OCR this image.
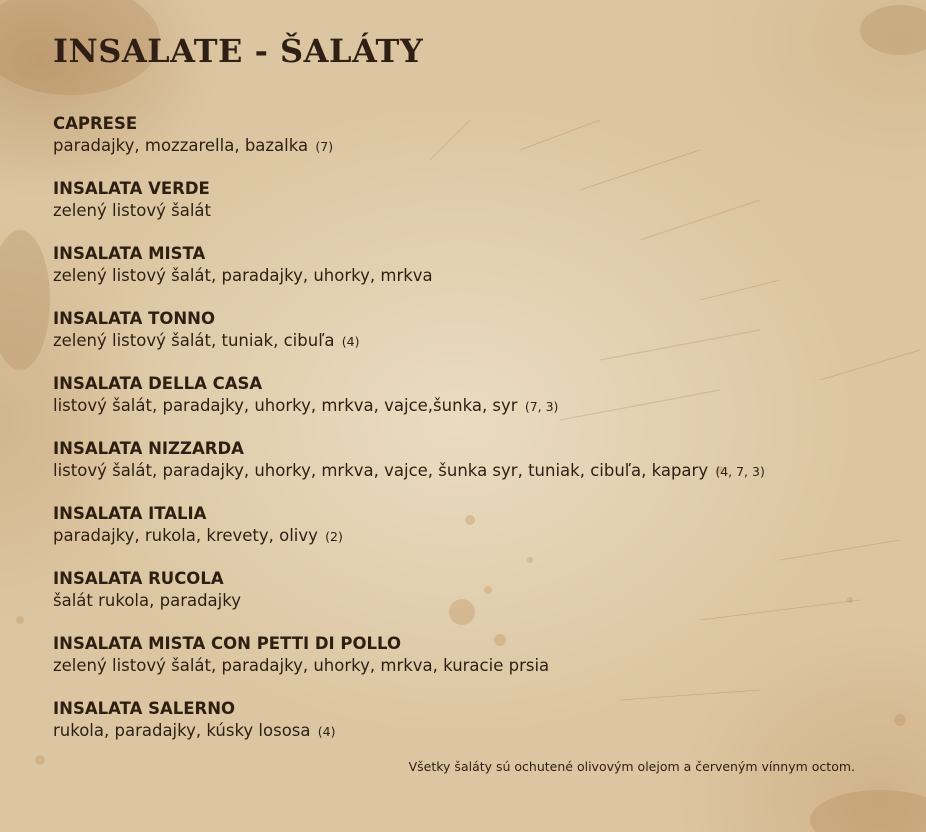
INSALATE - ŠALÁTY
CAPRESE
paradajky, mozzarella, bazalka (7)
INSALATA VERDE
zelený listový šalát
INSALATA MISTA
zelený listový šalát, paradajky, uhorky, mrkva
INSALATA TONNO
zelený listový šalát, tuniak, cibuľa (4)
INSALATA DELLA CASA
listový šalát, paradajky, uhorky, mrkva, vajce,šunka, syr (7, 3)
INSALATA NIZZARDA
listový šalát, paradajky, uhorky, mrkva, vajce, šunka syr, tuniak, cibuľa, kapary (4, 7, 3)
INSALATA ITALIA
paradajky, rukola, krevety, olivy (2)
INSALATA RUCOLA
šalát rukola, paradajky
INSALATA MISTA CON PETTI DI POLLO
zelený listový šalát, paradajky, uhorky, mrkva, kuracie prsia
INSALATA SALERNO
rukola, paradajky, kúsky lososa (4)
Všetky šaláty sú ochutené olivovým olejom a červeným vínnym octom.
